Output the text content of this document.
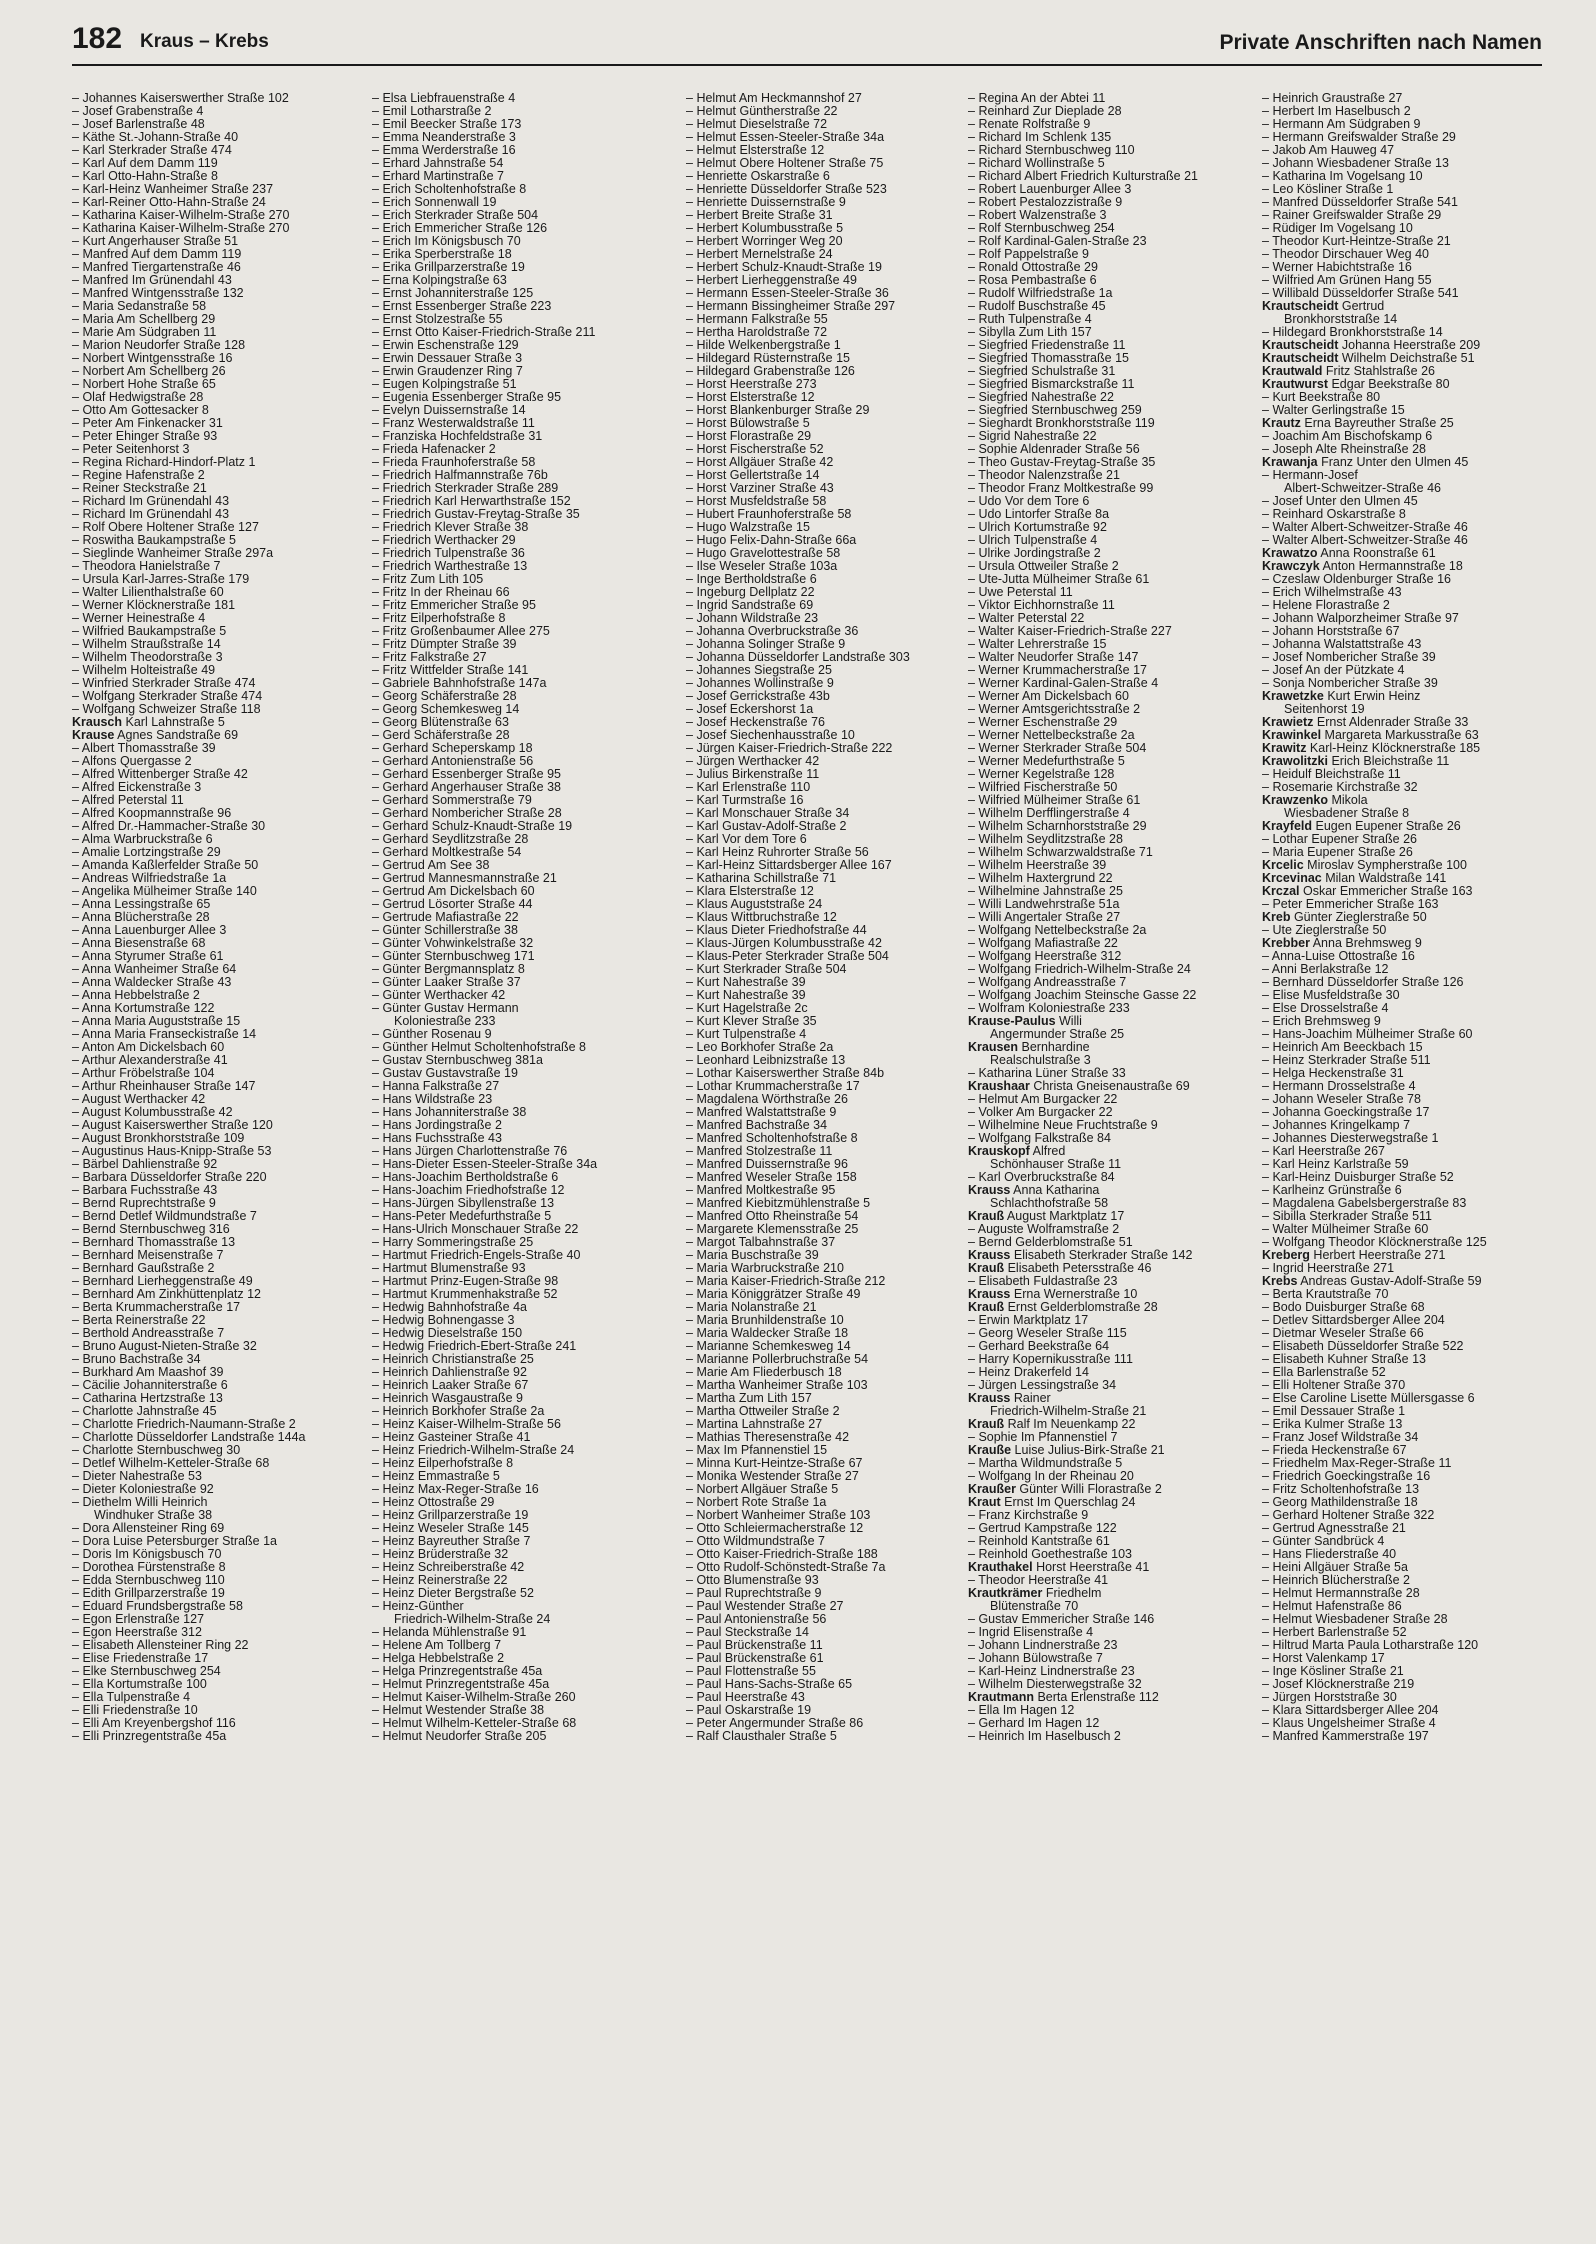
182 Kraus – Krebs	Private Anschriften nach Namen
– Johannes Kaiserswerther Straße 102
– Josef Grabenstraße 4
– Josef Barlenstraße 48
– Käthe St.-Johann-Straße 40
– Karl Sterkrader Straße 474
– Karl Auf dem Damm 119
– Karl Otto-Hahn-Straße 8
– Karl-Heinz Wanheimer Straße 237
– Karl-Reiner Otto-Hahn-Straße 24
– Katharina Kaiser-Wilhelm-Straße 270
– Katharina Kaiser-Wilhelm-Straße 270
– Kurt Angerhauser Straße 51
– Manfred Auf dem Damm 119
– Manfred Tiergartenstraße 46
– Manfred Im Grünendahl 43
– Manfred Wintgensstraße 132
– Maria Sedanstraße 58
– Maria Am Schellberg 29
– Marie Am Südgraben 11
– Marion Neudorfer Straße 128
– Norbert Wintgensstraße 16
– Norbert Am Schellberg 26
– Norbert Hohe Straße 65
– Olaf Hedwigstraße 28
– Otto Am Gottesacker 8
– Peter Am Finkenacker 31
– Peter Ehinger Straße 93
– Peter Seitenhorst 3
– Regina Richard-Hindorf-Platz 1
– Regine Hafenstraße 2
– Reiner Steckstraße 21
– Richard Im Grünendahl 43
– Richard Im Grünendahl 43
– Rolf Obere Holtener Straße 127
– Roswitha Baukampstraße 5
– Sieglinde Wanheimer Straße 297a
– Theodora Hanielstraße 7
– Ursula Karl-Jarres-Straße 179
– Walter Lilienthalstraße 60
– Werner Klöcknerstraße 181
– Werner Heinestraße 4
– Wilfried Baukampstraße 5
– Wilhelm Straußstraße 14
– Wilhelm Theodorstraße 3
– Wilhelm Holteistraße 49
– Winfried Sterkrader Straße 474
– Wolfgang Sterkrader Straße 474
– Wolfgang Schweizer Straße 118
Krausch Karl Lahnstraße 5
Krause Agnes Sandstraße 69
– Albert Thomasstraße 39
– Alfons Quergasse 2
– Alfred Wittenberger Straße 42
– Alfred Eickenstraße 3
– Alfred Peterstal 11
– Alfred Koopmannstraße 96
– Alfred Dr.-Hammacher-Straße 30
– Alma Warbruckstraße 6
– Amalie Lortzingstraße 29
– Amanda Kaßlerfelder Straße 50
– Andreas Wilfriedstraße 1a
– Angelika Mülheimer Straße 140
– Anna Lessingstraße 65
– Anna Blücherstraße 28
– Anna Lauenburger Allee 3
– Anna Biesenstraße 68
– Anna Styrumer Straße 61
– Anna Wanheimer Straße 64
– Anna Waldecker Straße 43
– Anna Hebbelstraße 2
– Anna Kortumstraße 122
– Anna Maria Auguststraße 15
– Anna Maria Franseckistraße 14
– Anton Am Dickelsbach 60
– Arthur Alexanderstraße 41
– Arthur Fröbelstraße 104
– Arthur Rheinhauser Straße 147
– August Werthacker 42
– August Kolumbusstraße 42
– August Kaiserswerther Straße 120
– August Bronkhorststraße 109
– Augustinus Haus-Knipp-Straße 53
– Bärbel Dahlienstraße 92
– Barbara Düsseldorfer Straße 220
– Barbara Fuchsstraße 43
– Bernd Ruprechtstraße 9
– Bernd Detlef Wildmundstraße 7
– Bernd Sternbuschweg 316
– Bernhard Thomasstraße 13
– Bernhard Meisenstraße 7
– Bernhard Gaußstraße 2
– Bernhard Lierheggenstraße 49
– Bernhard Am Zinkhüttenplatz 12
– Berta Krummacherstraße 17
– Berta Reinerstraße 22
– Berthold Andreasstraße 7
– Bruno August-Nieten-Straße 32
– Bruno Bachstraße 34
– Burkhard Am Maashof 39
– Cäcilie Johanniterstraße 6
– Catharina Hertzstraße 13
– Charlotte Jahnstraße 45
– Charlotte Friedrich-Naumann-Straße 2
– Charlotte Düsseldorfer Landstraße 144a
– Charlotte Sternbuschweg 30
– Detlef Wilhelm-Ketteler-Straße 68
– Dieter Nahestraße 53
– Dieter Koloniestraße 92
– Diethelm Willi Heinrich
Windhuker Straße 38
– Dora Allensteiner Ring 69
– Dora Luise Petersburger Straße 1a
– Doris Im Königsbusch 70
– Dorothea Fürstenstraße 8
– Edda Sternbuschweg 110
– Edith Grillparzerstraße 19
– Eduard Frundsbergstraße 58
– Egon Erlenstraße 127
– Egon Heerstraße 312
– Elisabeth Allensteiner Ring 22
– Elise Friedenstraße 17
– Elke Sternbuschweg 254
– Ella Kortumstraße 100
– Ella Tulpenstraße 4
– Elli Friedenstraße 10
– Elli Am Kreyenbergshof 116
– Elli Prinzregentstraße 45a
– Elsa Liebfrauenstraße 4
– Emil Lotharstraße 2
– Emil Beecker Straße 173
– Emma Neanderstraße 3
– Emma Werderstraße 16
– Erhard Jahnstraße 54
– Erhard Martinstraße 7
– Erich Scholtenhofstraße 8
– Erich Sonnenwall 19
– Erich Sterkrader Straße 504
– Erich Emmericher Straße 126
– Erich Im Königsbusch 70
– Erika Sperberstraße 18
– Erika Grillparzerstraße 19
– Erna Kolpingstraße 63
– Ernst Johanniterstraße 125
– Ernst Essenberger Straße 223
– Ernst Stolzestraße 55
– Ernst Otto Kaiser-Friedrich-Straße 211
– Erwin Eschenstraße 129
– Erwin Dessauer Straße 3
– Erwin Graudenzer Ring 7
– Eugen Kolpingstraße 51
– Eugenia Essenberger Straße 95
– Evelyn Duissernstraße 14
– Franz Westerwaldstraße 11
– Franziska Hochfeldstraße 31
– Frieda Hafenacker 2
– Frieda Fraunhoferstraße 58
– Friedrich Halfmannstraße 76b
– Friedrich Sterkrader Straße 289
– Friedrich Karl Herwarthstraße 152
– Friedrich Gustav-Freytag-Straße 35
– Friedrich Klever Straße 38
– Friedrich Werthacker 29
– Friedrich Tulpenstraße 36
– Friedrich Warthestraße 13
– Fritz Zum Lith 105
– Fritz In der Rheinau 66
– Fritz Emmericher Straße 95
– Fritz Eilperhofstraße 8
– Fritz Großenbaumer Allee 275
– Fritz Dümpter Straße 39
– Fritz Falkstraße 27
– Fritz Wittfelder Straße 141
– Gabriele Bahnhofstraße 147a
– Georg Schäferstraße 28
– Georg Schemkesweg 14
– Georg Blütenstraße 63
– Gerd Schäferstraße 28
– Gerhard Scheperskamp 18
– Gerhard Antonienstraße 56
– Gerhard Essenberger Straße 95
– Gerhard Angerhauser Straße 38
– Gerhard Sommerstraße 79
– Gerhard Nombericher Straße 28
– Gerhard Schulz-Knaudt-Straße 19
– Gerhard Seydlitzstraße 28
– Gerhard Moltkestraße 54
– Gertrud Am See 38
– Gertrud Mannesmannstraße 21
– Gertrud Am Dickelsbach 60
– Gertrud Lösorter Straße 44
– Gertrude Mafiastraße 22
– Günter Schillerstraße 38
– Günter Vohwinkelstraße 32
– Günter Sternbuschweg 171
– Günter Bergmannsplatz 8
– Günter Laaker Straße 37
– Günter Werthacker 42
– Günter Gustav Hermann
Koloniestraße 233
– Günther Rosenau 9
– Günther Helmut Scholtenhofstraße 8
– Gustav Sternbuschweg 381a
– Gustav Gustavstraße 19
– Hanna Falkstraße 27
– Hans Wildstraße 23
– Hans Johanniterstraße 38
– Hans Jordingstraße 2
– Hans Fuchsstraße 43
– Hans Jürgen Charlottenstraße 76
– Hans-Dieter Essen-Steeler-Straße 34a
– Hans-Joachim Bertholdstraße 6
– Hans-Joachim Friedhofstraße 12
– Hans-Jürgen Sibyllenstraße 13
– Hans-Peter Medefurthstraße 5
– Hans-Ulrich Monschauer Straße 22
– Harry Sommeringstraße 25
– Hartmut Friedrich-Engels-Straße 40
– Hartmut Blumenstraße 93
– Hartmut Prinz-Eugen-Straße 98
– Hartmut Krummenhakstraße 52
– Hedwig Bahnhofstraße 4a
– Hedwig Bohnengasse 3
– Hedwig Dieselstraße 150
– Hedwig Friedrich-Ebert-Straße 241
– Heinrich Christianstraße 25
– Heinrich Dahlienstraße 92
– Heinrich Laaker Straße 67
– Heinrich Wasgaustraße 9
– Heinrich Borkhofer Straße 2a
– Heinz Kaiser-Wilhelm-Straße 56
– Heinz Gasteiner Straße 41
– Heinz Friedrich-Wilhelm-Straße 24
– Heinz Eilperhofstraße 8
– Heinz Emmastraße 5
– Heinz Max-Reger-Straße 16
– Heinz Ottostraße 29
– Heinz Grillparzerstraße 19
– Heinz Weseler Straße 145
– Heinz Bayreuther Straße 7
– Heinz Brüderstraße 32
– Heinz Schreiberstraße 42
– Heinz Reinerstraße 22
– Heinz Dieter Bergstraße 52
– Heinz-Günther
Friedrich-Wilhelm-Straße 24
– Helanda Mühlenstraße 91
– Helene Am Tollberg 7
– Helga Hebbelstraße 2
– Helga Prinzregentstraße 45a
– Helmut Prinzregentstraße 45a
– Helmut Kaiser-Wilhelm-Straße 260
– Helmut Westender Straße 38
– Helmut Wilhelm-Ketteler-Straße 68
– Helmut Neudorfer Straße 205
– Helmut Am Heckmannshof 27
– Helmut Güntherstraße 22
– Helmut Dieselstraße 72
– Helmut Essen-Steeler-Straße 34a
– Helmut Elsterstraße 12
– Helmut Obere Holtener Straße 75
– Henriette Oskarstraße 6
– Henriette Düsseldorfer Straße 523
– Henriette Duissernstraße 9
– Herbert Breite Straße 31
– Herbert Kolumbusstraße 5
– Herbert Worringer Weg 20
– Herbert Mernelstraße 24
– Herbert Schulz-Knaudt-Straße 19
– Herbert Lierheggenstraße 49
– Hermann Essen-Steeler-Straße 36
– Hermann Bissingheimer Straße 297
– Hermann Falkstraße 55
– Hertha Haroldstraße 72
– Hilde Welkenbergstraße 1
– Hildegard Rüsternstraße 15
– Hildegard Grabenstraße 126
– Horst Heerstraße 273
– Horst Elsterstraße 12
– Horst Blankenburger Straße 29
– Horst Bülowstraße 5
– Horst Florastraße 29
– Horst Fischerstraße 52
– Horst Allgäuer Straße 42
– Horst Gellertstraße 14
– Horst Varziner Straße 43
– Horst Musfeldstraße 58
– Hubert Fraunhoferstraße 58
– Hugo Walzstraße 15
– Hugo Felix-Dahn-Straße 66a
– Hugo Gravelottestraße 58
– Ilse Weseler Straße 103a
– Inge Bertholdstraße 6
– Ingeburg Dellplatz 22
– Ingrid Sandstraße 69
– Johann Wildstraße 23
– Johanna Overbruckstraße 36
– Johanna Solinger Straße 9
– Johanna Düsseldorfer Landstraße 303
– Johannes Siegstraße 25
– Johannes Wollinstraße 9
– Josef Gerrickstraße 43b
– Josef Eckershorst 1a
– Josef Heckenstraße 76
– Josef Siechenhausstraße 10
– Jürgen Kaiser-Friedrich-Straße 222
– Jürgen Werthacker 42
– Julius Birkenstraße 11
– Karl Erlenstraße 110
– Karl Turmstraße 16
– Karl Monschauer Straße 34
– Karl Gustav-Adolf-Straße 2
– Karl Vor dem Tore 6
– Karl Heinz Ruhrorter Straße 56
– Karl-Heinz Sittardsberger Allee 167
– Katharina Schillstraße 71
– Klara Elsterstraße 12
– Klaus Auguststraße 24
– Klaus Wittbruchstraße 12
– Klaus Dieter Friedhofstraße 44
– Klaus-Jürgen Kolumbusstraße 42
– Klaus-Peter Sterkrader Straße 504
– Kurt Sterkrader Straße 504
– Kurt Nahestraße 39
– Kurt Nahestraße 39
– Kurt Hagelstraße 2c
– Kurt Klever Straße 35
– Kurt Tulpenstraße 4
– Leo Borkhofer Straße 2a
– Leonhard Leibnizstraße 13
– Lothar Kaiserswerther Straße 84b
– Lothar Krummacherstraße 17
– Magdalena Wörthstraße 26
– Manfred Walstattstraße 9
– Manfred Bachstraße 34
– Manfred Scholtenhofstraße 8
– Manfred Stolzestraße 11
– Manfred Duissernstraße 96
– Manfred Weseler Straße 158
– Manfred Moltkestraße 95
– Manfred Kiebitzmühlenstraße 5
– Manfred Otto Rheinstraße 54
– Margarete Klemensstraße 25
– Margot Talbahnstraße 37
– Maria Buschstraße 39
– Maria Warbruckstraße 210
– Maria Kaiser-Friedrich-Straße 212
– Maria Königgrätzer Straße 49
– Maria Nolanstraße 21
– Maria Brunhildenstraße 10
– Maria Waldecker Straße 18
– Marianne Schemkesweg 14
– Marianne Pollerbruchstraße 54
– Marie Am Fliederbusch 18
– Martha Wanheimer Straße 103
– Martha Zum Lith 157
– Martha Ottweiler Straße 2
– Martina Lahnstraße 27
– Mathias Theresenstraße 42
– Max Im Pfannenstiel 15
– Minna Kurt-Heintze-Straße 67
– Monika Westender Straße 27
– Norbert Allgäuer Straße 5
– Norbert Rote Straße 1a
– Norbert Wanheimer Straße 103
– Otto Schleiermacherstraße 12
– Otto Wildmundstraße 7
– Otto Kaiser-Friedrich-Straße 188
– Otto Rudolf-Schönstedt-Straße 7a
– Otto Blumenstraße 93
– Paul Ruprechtstraße 9
– Paul Westender Straße 27
– Paul Antonienstraße 56
– Paul Steckstraße 14
– Paul Brückenstraße 11
– Paul Brückenstraße 61
– Paul Flottenstraße 55
– Paul Hans-Sachs-Straße 65
– Paul Heerstraße 43
– Paul Oskarstraße 19
– Peter Angermunder Straße 86
– Ralf Clausthaler Straße 5
– Regina An der Abtei 11
– Reinhard Zur Dieplade 28
– Renate Rolfstraße 9
– Richard Im Schlenk 135
– Richard Sternbuschweg 110
– Richard Wollinstraße 5
– Richard Albert Friedrich Kulturstraße 21
– Robert Lauenburger Allee 3
– Robert Pestalozzistraße 9
– Robert Walzenstraße 3
– Rolf Sternbuschweg 254
– Rolf Kardinal-Galen-Straße 23
– Rolf Pappelstraße 9
– Ronald Ottostraße 29
– Rosa Pembastraße 6
– Rudolf Wilfriedstraße 1a
– Rudolf Buschstraße 45
– Ruth Tulpenstraße 4
– Sibylla Zum Lith 157
– Siegfried Friedenstraße 11
– Siegfried Thomasstraße 15
– Siegfried Schulstraße 31
– Siegfried Bismarckstraße 11
– Siegfried Nahestraße 22
– Siegfried Sternbuschweg 259
– Sieghardt Bronkhorststraße 119
– Sigrid Nahestraße 22
– Sophie Aldenrader Straße 56
– Theo Gustav-Freytag-Straße 35
– Theodor Nalenzstraße 21
– Theodor Franz Moltkestraße 99
– Udo Vor dem Tore 6
– Udo Lintorfer Straße 8a
– Ulrich Kortumstraße 92
– Ulrich Tulpenstraße 4
– Ulrike Jordingstraße 2
– Ursula Ottweiler Straße 2
– Ute-Jutta Mülheimer Straße 61
– Uwe Peterstal 11
– Viktor Eichhornstraße 11
– Walter Peterstal 22
– Walter Kaiser-Friedrich-Straße 227
– Walter Lehrerstraße 15
– Walter Neudorfer Straße 147
– Werner Krummacherstraße 17
– Werner Kardinal-Galen-Straße 4
– Werner Am Dickelsbach 60
– Werner Amtsgerichtsstraße 2
– Werner Eschenstraße 29
– Werner Nettelbeckstraße 2a
– Werner Sterkrader Straße 504
– Werner Medefurthstraße 5
– Werner Kegelstraße 128
– Wilfried Fischerstraße 50
– Wilfried Mülheimer Straße 61
– Wilhelm Derfflingerstraße 4
– Wilhelm Scharnhorststraße 29
– Wilhelm Seydlitzstraße 28
– Wilhelm Schwarzwaldstraße 71
– Wilhelm Heerstraße 39
– Wilhelm Haxtergrund 22
– Wilhelmine Jahnstraße 25
– Willi Landwehrstraße 51a
– Willi Angertaler Straße 27
– Wolfgang Nettelbeckstraße 2a
– Wolfgang Mafiastraße 22
– Wolfgang Heerstraße 312
– Wolfgang Friedrich-Wilhelm-Straße 24
– Wolfgang Andreasstraße 7
– Wolfgang Joachim Steinsche Gasse 22
– Wolfram Koloniestraße 233
Krause-Paulus Willi
Angermunder Straße 25
Krausen Bernhardine
Realschulstraße 3
– Katharina Lüner Straße 33
Kraushaar Christa Gneisenaustraße 69
– Helmut Am Burgacker 22
– Volker Am Burgacker 22
– Wilhelmine Neue Fruchtstraße 9
– Wolfgang Falkstraße 84
Krauskopf Alfred
Schönhauser Straße 11
– Karl Overbruckstraße 84
Krauss Anna Katharina
Schlachthofstraße 58
Krauß August Marktplatz 17
– Auguste Wolframstraße 2
– Bernd Gelderblomstraße 51
Krauss Elisabeth Sterkrader Straße 142
Krauß Elisabeth Petersstraße 46
– Elisabeth Fuldastraße 23
Krauss Erna Wernerstraße 10
Krauß Ernst Gelderblomstraße 28
– Erwin Marktplatz 17
– Georg Weseler Straße 115
– Gerhard Beekstraße 64
– Harry Kopernikusstraße 111
– Heinz Drakerfeld 14
– Jürgen Lessingstraße 34
Krauss Rainer
Friedrich-Wilhelm-Straße 21
Krauß Ralf Im Neuenkamp 22
– Sophie Im Pfannenstiel 7
Krauße Luise Julius-Birk-Straße 21
– Martha Wildmundstraße 5
– Wolfgang In der Rheinau 20
Kraußer Günter Willi Florastraße 2
Kraut Ernst Im Querschlag 24
– Franz Kirchstraße 9
– Gertrud Kampstraße 122
– Reinhold Kantstraße 61
– Reinhold Goethestraße 103
Krauthakel Horst Heerstraße 41
– Theodor Heerstraße 41
Krautkrämer Friedhelm
Blütenstraße 70
– Gustav Emmericher Straße 146
– Ingrid Elisenstraße 4
– Johann Lindnerstraße 23
– Johann Bülowstraße 7
– Karl-Heinz Lindnerstraße 23
– Wilhelm Diesterwegstraße 32
Krautmann Berta Erlenstraße 112
– Ella Im Hagen 12
– Gerhard Im Hagen 12
– Heinrich Im Haselbusch 2
– Heinrich Graustraße 27
– Herbert Im Haselbusch 2
– Hermann Am Südgraben 9
– Hermann Greifswalder Straße 29
– Jakob Am Hauweg 47
– Johann Wiesbadener Straße 13
– Katharina Im Vogelsang 10
– Leo Kösliner Straße 1
– Manfred Düsseldorfer Straße 541
– Rainer Greifswalder Straße 29
– Rüdiger Im Vogelsang 10
– Theodor Kurt-Heintze-Straße 21
– Theodor Dirschauer Weg 40
– Werner Habichtstraße 16
– Wilfried Am Grünen Hang 55
– Willibald Düsseldorfer Straße 541
Krautscheidt Gertrud
Bronkhorststraße 14
– Hildegard Bronkhorststraße 14
Krautscheidt Johanna Heerstraße 209
Krautscheidt Wilhelm Deichstraße 51
Krautwald Fritz Stahlstraße 26
Krautwurst Edgar Beekstraße 80
– Kurt Beekstraße 80
– Walter Gerlingstraße 15
Krautz Erna Bayreuther Straße 25
– Joachim Am Bischofskamp 6
– Joseph Alte Rheinstraße 28
Krawanja Franz Unter den Ulmen 45
– Hermann-Josef
Albert-Schweitzer-Straße 46
– Josef Unter den Ulmen 45
– Reinhard Oskarstraße 8
– Walter Albert-Schweitzer-Straße 46
– Walter Albert-Schweitzer-Straße 46
Krawatzo Anna Roonstraße 61
Krawczyk Anton Hermannstraße 18
– Czeslaw Oldenburger Straße 16
– Erich Wilhelmstraße 43
– Helene Florastraße 2
– Johann Walporzheimer Straße 97
– Johann Horststraße 67
– Johanna Walstattstraße 43
– Josef Nombericher Straße 39
– Josef An der Pützkate 4
– Sonja Nombericher Straße 39
Krawetzke Kurt Erwin Heinz
Seitenhorst 19
Krawietz Ernst Aldenrader Straße 33
Krawinkel Margareta Markusstraße 63
Krawitz Karl-Heinz Klöcknerstraße 185
Krawolitzki Erich Bleichstraße 11
– Heidulf Bleichstraße 11
– Rosemarie Kirchstraße 32
Krawzenko Mikola
Wiesbadener Straße 8
Krayfeld Eugen Eupener Straße 26
– Lothar Eupener Straße 26
– Maria Eupener Straße 26
Krcelic Miroslav Sympherstraße 100
Krcevinac Milan Waldstraße 141
Krczal Oskar Emmericher Straße 163
– Peter Emmericher Straße 163
Kreb Günter Zieglerstraße 50
– Ute Zieglerstraße 50
Krebber Anna Brehmsweg 9
– Anna-Luise Ottostraße 16
– Anni Berlakstraße 12
– Bernhard Düsseldorfer Straße 126
– Elise Musfeldstraße 30
– Else Drosselstraße 4
– Erich Brehmsweg 9
– Hans-Joachim Mülheimer Straße 60
– Heinrich Am Beeckbach 15
– Heinz Sterkrader Straße 511
– Helga Heckenstraße 31
– Hermann Drosselstraße 4
– Johann Weseler Straße 78
– Johanna Goeckingstraße 17
– Johannes Kringelkamp 7
– Johannes Diesterwegstraße 1
– Karl Heerstraße 267
– Karl Heinz Karlstraße 59
– Karl-Heinz Duisburger Straße 52
– Karlheinz Grünstraße 6
– Magdalena Gabelsbergerstraße 83
– Sibilla Sterkrader Straße 511
– Walter Mülheimer Straße 60
– Wolfgang Theodor Klöcknerstraße 125
Kreberg Herbert Heerstraße 271
– Ingrid Heerstraße 271
Krebs Andreas Gustav-Adolf-Straße 59
– Berta Krautstraße 70
– Bodo Duisburger Straße 68
– Detlev Sittardsberger Allee 204
– Dietmar Weseler Straße 66
– Elisabeth Düsseldorfer Straße 522
– Elisabeth Kuhner Straße 13
– Ella Barlenstraße 52
– Elli Holtener Straße 370
– Else Caroline Lisette Müllersgasse 6
– Emil Dessauer Straße 1
– Erika Kulmer Straße 13
– Franz Josef Wildstraße 34
– Frieda Heckenstraße 67
– Friedhelm Max-Reger-Straße 11
– Friedrich Goeckingstraße 16
– Fritz Scholtenhofstraße 13
– Georg Mathildenstraße 18
– Gerhard Holtener Straße 322
– Gertrud Agnesstraße 21
– Günter Sandbrück 4
– Hans Fliederstraße 40
– Heini Allgäuer Straße 5a
– Heinrich Blücherstraße 2
– Helmut Hermannstraße 28
– Helmut Hafenstraße 86
– Helmut Wiesbadener Straße 28
– Herbert Barlenstraße 52
– Hiltrud Marta Paula Lotharstraße 120
– Horst Valenkamp 17
– Inge Kösliner Straße 21
– Josef Klöcknerstraße 219
– Jürgen Horststraße 30
– Klara Sittardsberger Allee 204
– Klaus Ungelsheimer Straße 4
– Manfred Kammerstraße 197
